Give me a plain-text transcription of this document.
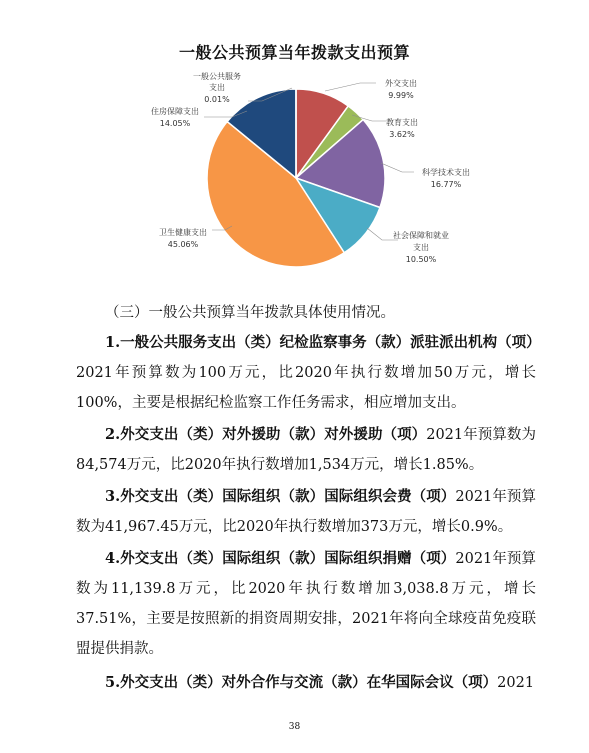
一般公共预算当年拨款支出预算
一般公共服务
支出
0.01%
住房保障支出
14.05%
外交支出
9.99%
教育支出
3.62%
科学技术支出
16.77%
社会保障和就业
支出
10.50%
卫生健康支出
45.06%

（三）一般公共预算当年拨款具体使用情况。

1.一般公共服务支出（类）纪检监察事务（款）派驻派出机构（项）2021年预算数为100万元，比2020年执行数增加50万元，增长100%，主要是根据纪检监察工作任务需求，相应增加支出。

2.外交支出（类）对外援助（款）对外援助（项）2021年预算数为84,574万元，比2020年执行数增加1,534万元，增长1.85%。

3.外交支出（类）国际组织（款）国际组织会费（项）2021年预算数为41,967.45万元，比2020年执行数增加373万元，增长0.9%。

4.外交支出（类）国际组织（款）国际组织捐赠（项）2021年预算数为11,139.8万元，比2020年执行数增加3,038.8万元，增长37.51%，主要是按照新的捐资周期安排，2021年将向全球疫苗免疫联盟提供捐款。

5.外交支出（类）对外合作与交流（款）在华国际会议（项）2021

38
